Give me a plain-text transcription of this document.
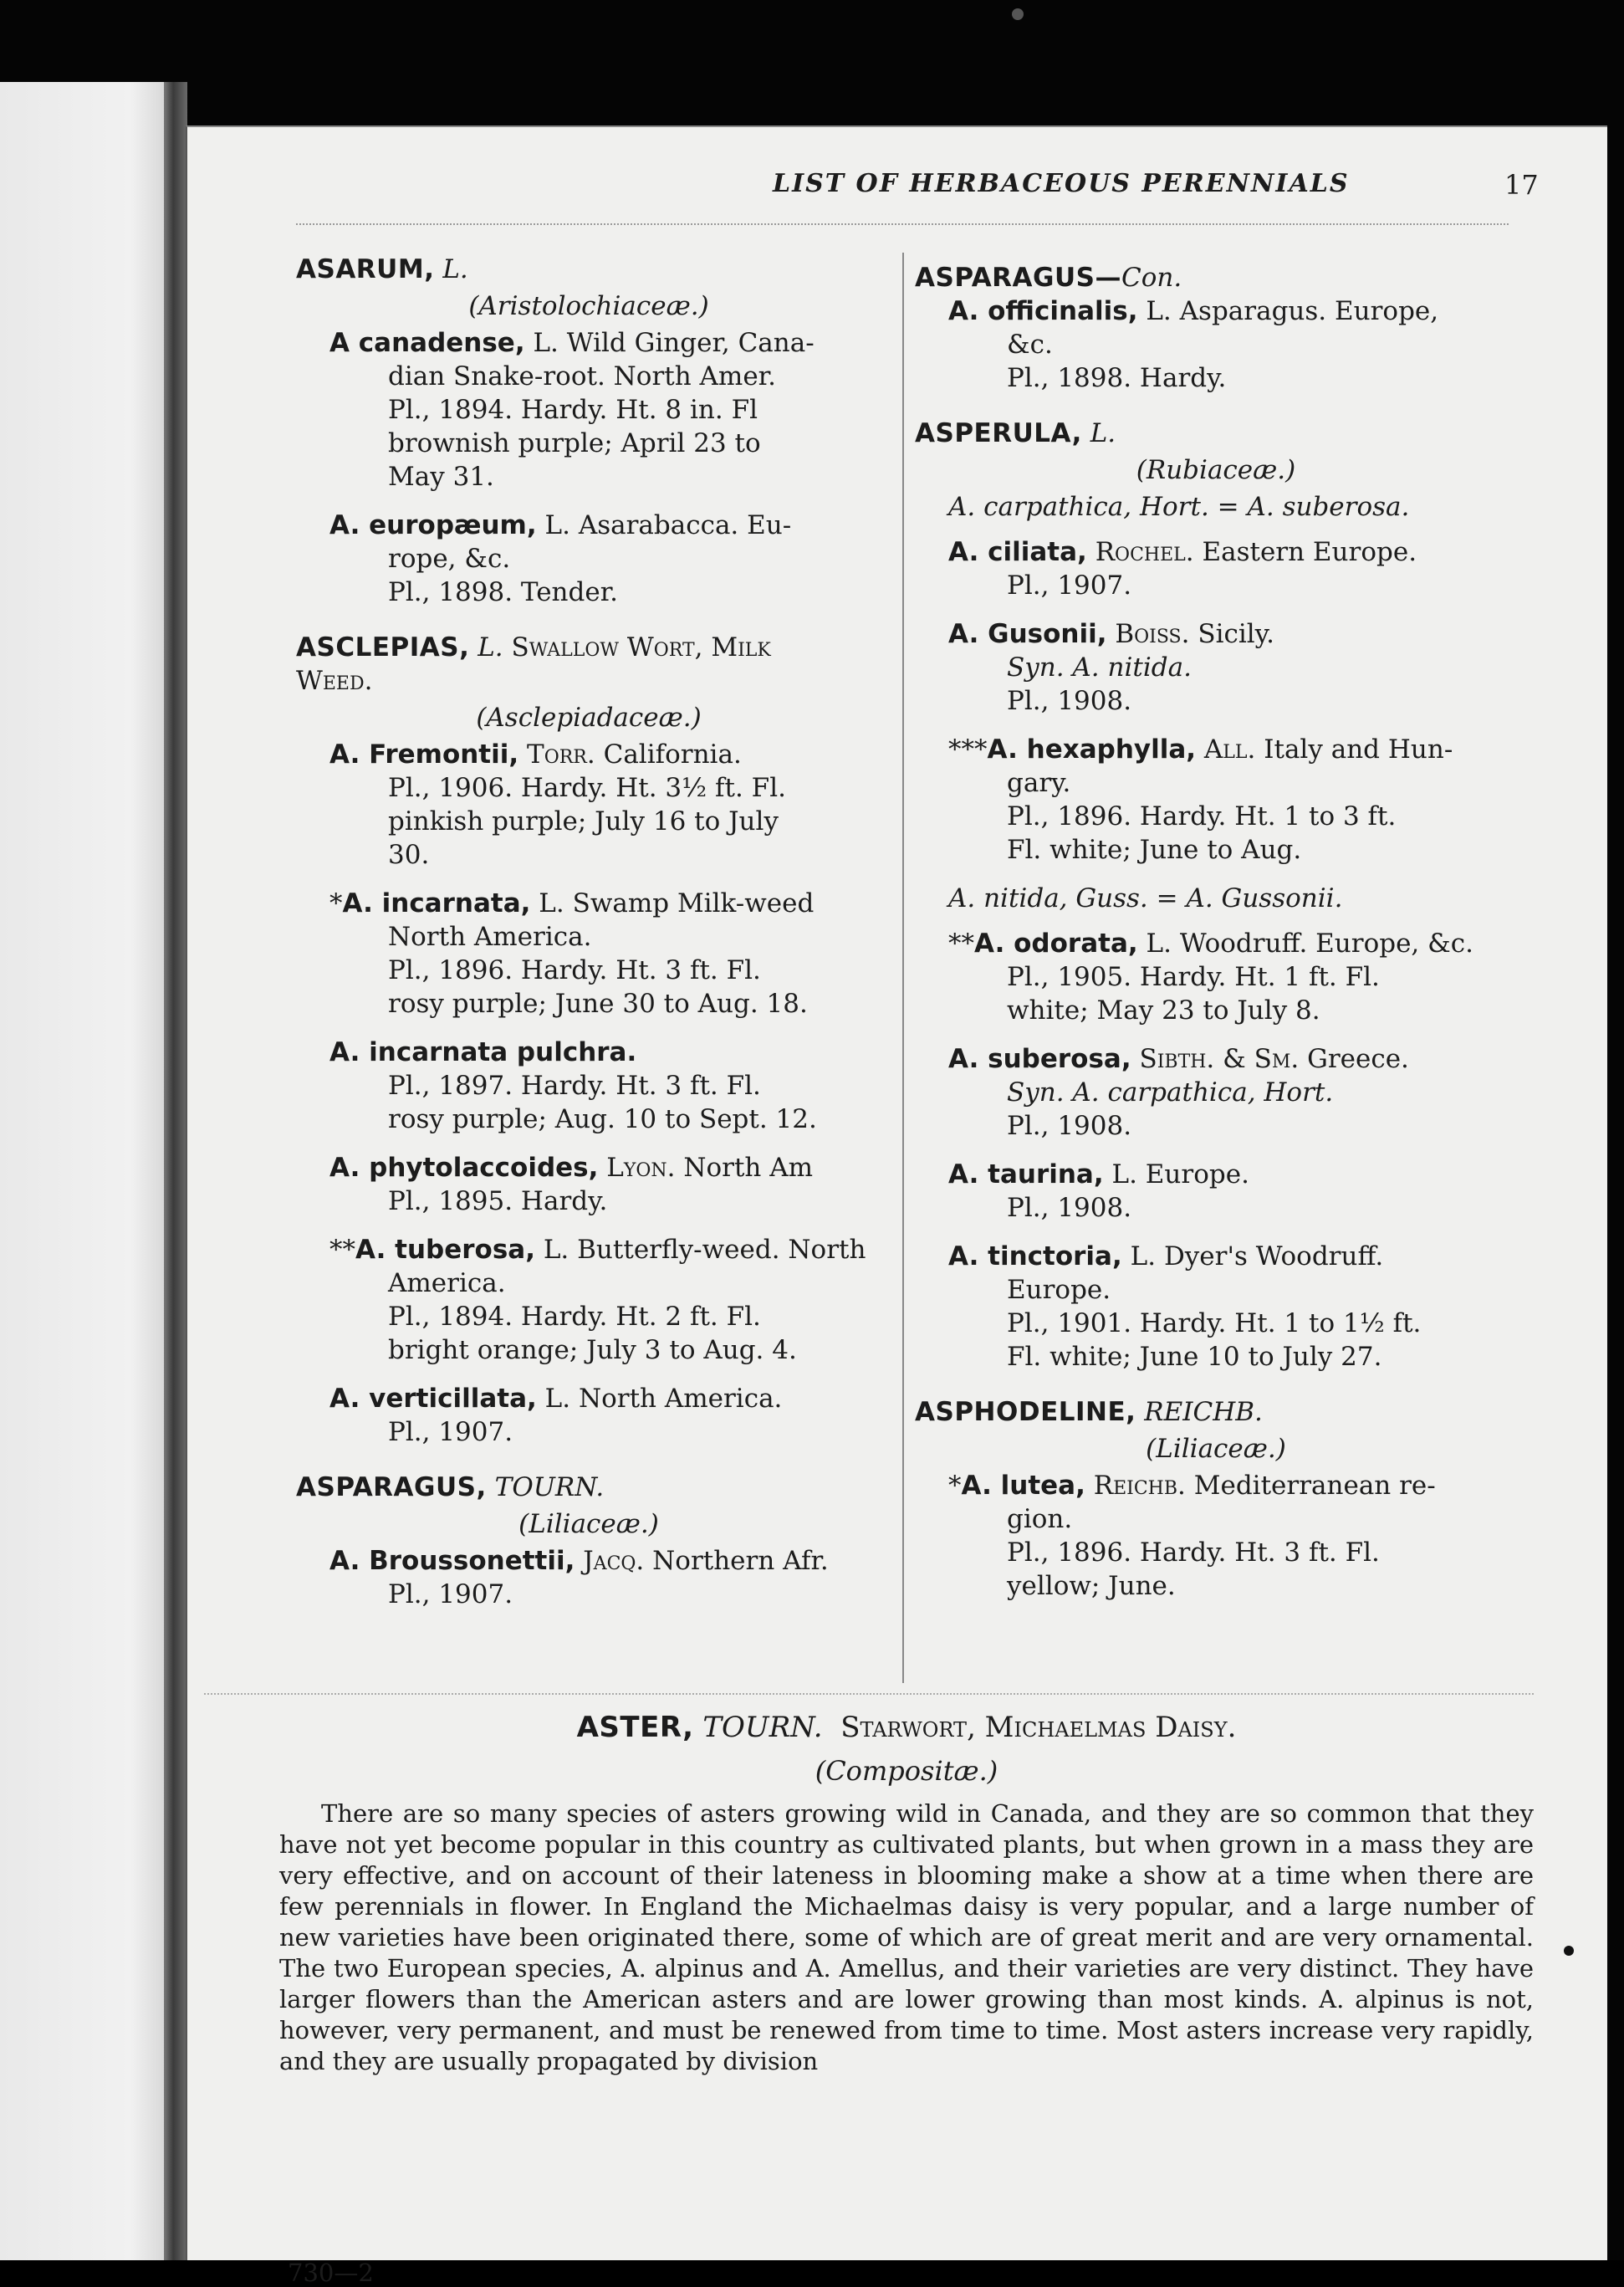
LIST OF HERBACEOUS PERENNIALS	17
ASARUM, L.
(Aristolochiaceæ.)
A canadense, L. Wild Ginger, Cana-
dian Snake-root. North Amer.
Pl., 1894. Hardy. Ht. 8 in. Fl
brownish purple; April 23 to
May 31.
A. europæum, L. Asarabacca. Eu-
rope, &c.
Pl., 1898. Tender.
ASCLEPIAS, L. Swallow Wort, Milk
Weed.
(Asclepiadaceæ.)
A. Fremontii, Torr. California.
Pl., 1906. Hardy. Ht. 3½ ft. Fl.
pinkish purple; July 16 to July
30.
*A. incarnata, L. Swamp Milk-weed
North America.
Pl., 1896. Hardy. Ht. 3 ft. Fl.
rosy purple; June 30 to Aug. 18.
A. incarnata pulchra.
Pl., 1897. Hardy. Ht. 3 ft. Fl.
rosy purple; Aug. 10 to Sept. 12.
A. phytolaccoides, Lyon. North Am
Pl., 1895. Hardy.
**A. tuberosa, L. Butterfly-weed. North
America.
Pl., 1894. Hardy. Ht. 2 ft. Fl.
bright orange; July 3 to Aug. 4.
A. verticillata, L. North America.
Pl., 1907.
ASPARAGUS, TOURN.
(Liliaceæ.)
A. Broussonettii, Jacq. Northern Afr.
Pl., 1907.
ASPARAGUS—Con.
A. officinalis, L. Asparagus. Europe,
&c.
Pl., 1898. Hardy.
ASPERULA, L.
(Rubiaceæ.)
A. carpathica, Hort. = A. suberosa.
A. ciliata, Rochel. Eastern Europe.
Pl., 1907.
A. Gusonii, Boiss. Sicily.
Syn. A. nitida.
Pl., 1908.
***A. hexaphylla, All. Italy and Hun-
gary.
Pl., 1896. Hardy. Ht. 1 to 3 ft.
Fl. white; June to Aug.
A. nitida, Guss. = A. Gussonii.
**A. odorata, L. Woodruff. Europe, &c.
Pl., 1905. Hardy. Ht. 1 ft. Fl.
white; May 23 to July 8.
A. suberosa, Sibth. & Sm. Greece.
Syn. A. carpathica, Hort.
Pl., 1908.
A. taurina, L. Europe.
Pl., 1908.
A. tinctoria, L. Dyer's Woodruff.
Europe.
Pl., 1901. Hardy. Ht. 1 to 1½ ft.
Fl. white; June 10 to July 27.
ASPHODELINE, REICHB.
(Liliaceæ.)
*A. lutea, Reichb. Mediterranean re-
gion.
Pl., 1896. Hardy. Ht. 3 ft. Fl.
yellow; June.
ASTER, TOURN. Starwort, Michaelmas Daisy.
(Compositæ.)
There are so many species of asters growing wild in Canada, and they are so common that they have not yet become popular in this country as cultivated plants, but when grown in a mass they are very effective, and on account of their lateness in blooming make a show at a time when there are few perennials in flower. In England the Michaelmas daisy is very popular, and a large number of new varieties have been originated there, some of which are of great merit and are very ornamental. The two European species, A. alpinus and A. Amellus, and their varieties are very distinct. They have larger flowers than the American asters and are lower growing than most kinds. A. alpinus is not, however, very permanent, and must be renewed from time to time. Most asters increase very rapidly, and they are usually propagated by division
730—2
